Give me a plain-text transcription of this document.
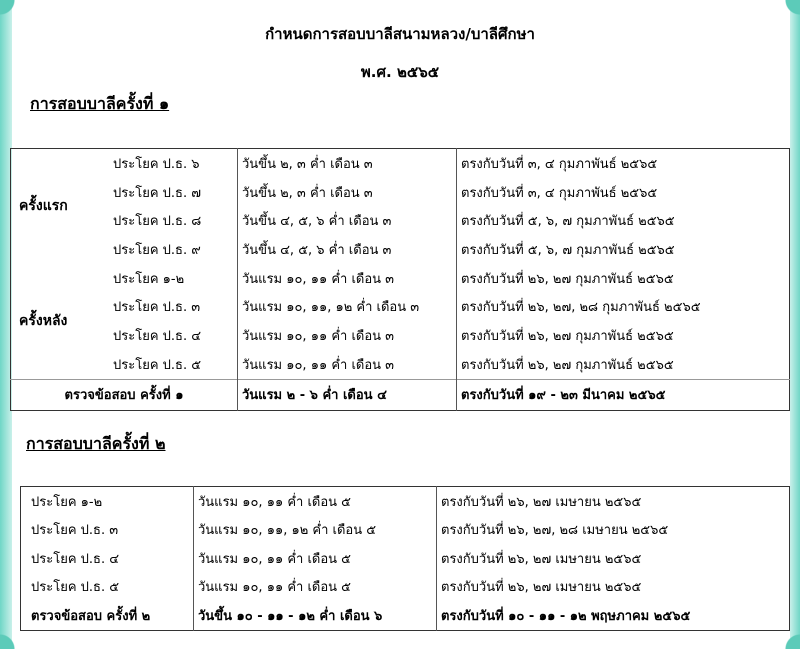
กำหนดการสอบบาลีสนามหลวง/บาลีศึกษา
พ.ศ. ๒๕๖๕
การสอบบาลีครั้งที่ ๑
ครั้งแรก	ประโยค ป.ธ. ๖	วันขึ้น ๒, ๓ ค่ำ เดือน ๓	ตรงกับวันที่ ๓, ๔ กุมภาพันธ์ ๒๕๖๕
	ประโยค ป.ธ. ๗	วันขึ้น ๒, ๓ ค่ำ เดือน ๓	ตรงกับวันที่ ๓, ๔ กุมภาพันธ์ ๒๕๖๕
	ประโยค ป.ธ. ๘	วันขึ้น ๔, ๕, ๖ ค่ำ เดือน ๓	ตรงกับวันที่ ๕, ๖, ๗ กุมภาพันธ์ ๒๕๖๕
	ประโยค ป.ธ. ๙	วันขึ้น ๔, ๕, ๖ ค่ำ เดือน ๓	ตรงกับวันที่ ๕, ๖, ๗ กุมภาพันธ์ ๒๕๖๕
ครั้งหลัง	ประโยค ๑-๒	วันแรม ๑๐, ๑๑ ค่ำ เดือน ๓	ตรงกับวันที่ ๒๖, ๒๗ กุมภาพันธ์ ๒๕๖๕
	ประโยค ป.ธ. ๓	วันแรม ๑๐, ๑๑, ๑๒ ค่ำ เดือน ๓	ตรงกับวันที่ ๒๖, ๒๗, ๒๘ กุมภาพันธ์ ๒๕๖๕
	ประโยค ป.ธ. ๔	วันแรม ๑๐, ๑๑ ค่ำ เดือน ๓	ตรงกับวันที่ ๒๖, ๒๗ กุมภาพันธ์ ๒๕๖๕
	ประโยค ป.ธ. ๕	วันแรม ๑๐, ๑๑ ค่ำ เดือน ๓	ตรงกับวันที่ ๒๖, ๒๗ กุมภาพันธ์ ๒๕๖๕
ตรวจข้อสอบ ครั้งที่ ๑		วันแรม ๒ - ๖ ค่ำ เดือน ๔	ตรงกับวันที่ ๑๙ - ๒๓ มีนาคม ๒๕๖๕
การสอบบาลีครั้งที่ ๒
ประโยค ๑-๒	วันแรม ๑๐, ๑๑ ค่ำ เดือน ๕	ตรงกับวันที่ ๒๖, ๒๗ เมษายน ๒๕๖๕
ประโยค ป.ธ. ๓	วันแรม ๑๐, ๑๑, ๑๒ ค่ำ เดือน ๕	ตรงกับวันที่ ๒๖, ๒๗, ๒๘ เมษายน ๒๕๖๕
ประโยค ป.ธ. ๔	วันแรม ๑๐, ๑๑ ค่ำ เดือน ๕	ตรงกับวันที่ ๒๖, ๒๗ เมษายน ๒๕๖๕
ประโยค ป.ธ. ๕	วันแรม ๑๐, ๑๑ ค่ำ เดือน ๕	ตรงกับวันที่ ๒๖, ๒๗ เมษายน ๒๕๖๕
ตรวจข้อสอบ ครั้งที่ ๒	วันขึ้น ๑๐ - ๑๑ - ๑๒ ค่ำ เดือน ๖	ตรงกับวันที่ ๑๐ - ๑๑ - ๑๒ พฤษภาคม ๒๕๖๕
